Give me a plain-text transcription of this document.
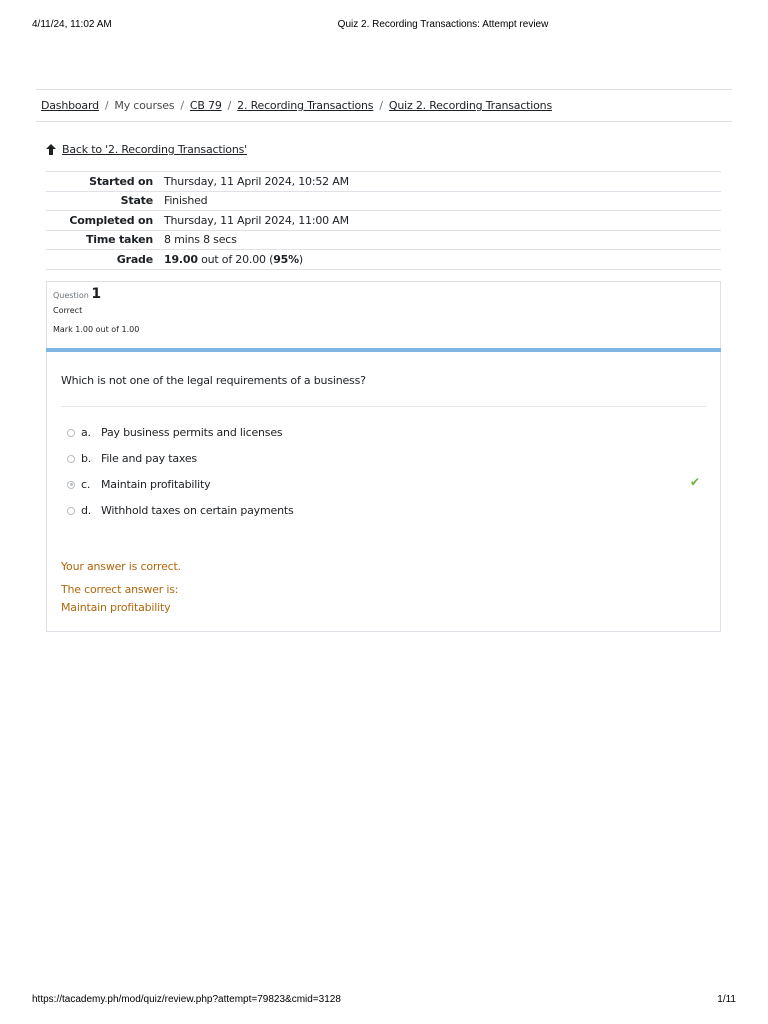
4/11/24, 11:02 AM	Quiz 2. Recording Transactions: Attempt review
Dashboard / My courses / CB 79 / 2. Recording Transactions / Quiz 2. Recording Transactions
Back to '2. Recording Transactions'
Started on	Thursday, 11 April 2024, 10:52 AM
State	Finished
Completed on	Thursday, 11 April 2024, 11:00 AM
Time taken	8 mins 8 secs
Grade	19.00 out of 20.00 (95%)
Question 1
Correct
Mark 1.00 out of 1.00
Which is not one of the legal requirements of a business?
a. Pay business permits and licenses
b. File and pay taxes
c. Maintain profitability
d. Withhold taxes on certain payments
✔
Your answer is correct.
The correct answer is:
Maintain profitability
https://tacademy.ph/mod/quiz/review.php?attempt=79823&cmid=3128	1/11
